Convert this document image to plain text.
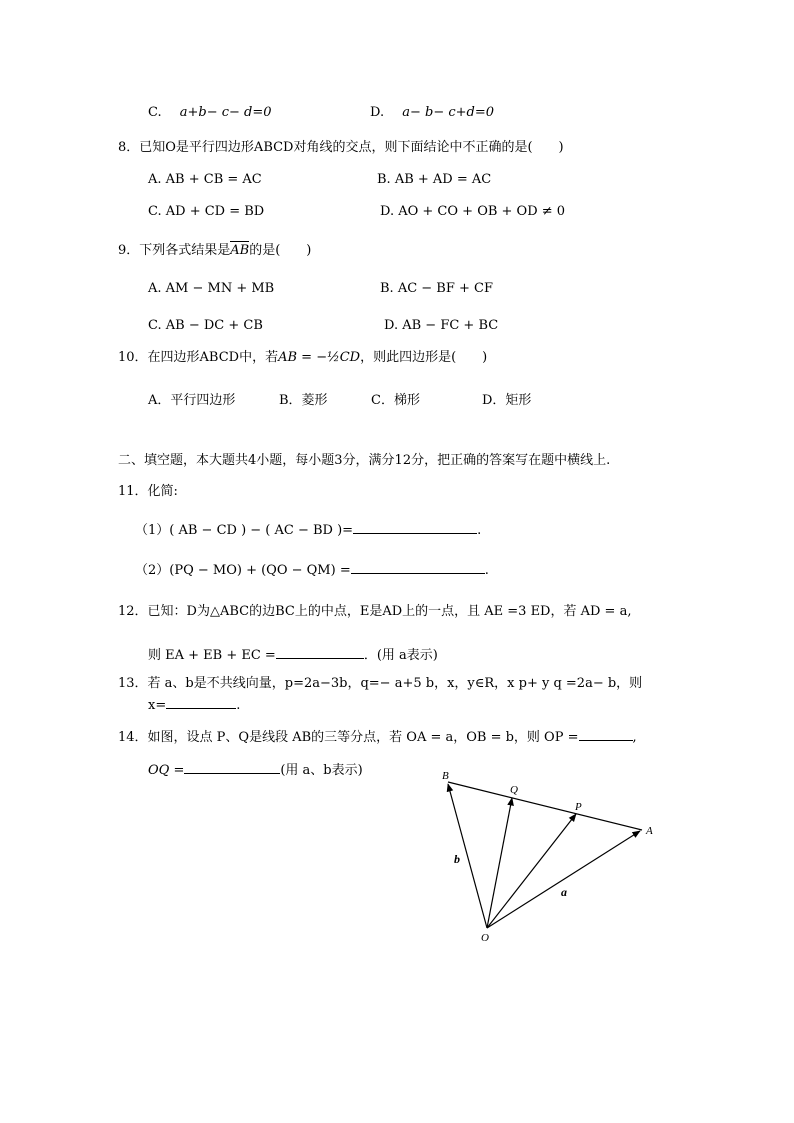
C. a+b− c− d=0	D. a− b− c+d=0
8．已知O是平行四边形ABCD对角线的交点，则下面结论中不正确的是(　　)
A. AB + CB = AC	B. AB + AD = AC
C. AD + CD = BD	D. AO + CO + OB + OD ≠ 0
9．下列各式结果是AB的是(　　)
A. AM − MN + MB	B. AC − BF + CF
C. AB − DC + CB	D. AB − FC + BC
10．在四边形ABCD中，若AB = −½CD，则此四边形是(　　)
A．平行四边形	B．菱形	C．梯形	D．矩形
二、填空题，本大题共4小题，每小题3分，满分12分，把正确的答案写在题中横线上.
11．化简:
（1）( AB − CD ) − ( AC − BD )=	.
（2）(PQ − MO) + (QO − QM) =	.
12．已知：D为△ABC的边BC上的中点，E是AD上的一点，且 AE =3 ED，若 AD = a,
则 EA + EB + EC =	．(用 a表示)
13．若 a、b是不共线向量，p=2a−3b，q=− a+5 b，x，y∈R，x p+ y q =2a− b，则
x=	.
14．如图，设点 P、Q是线段 AB的三等分点，若 OA = a，OB = b，则 OP =	,
OQ =	(用 a、b表示)	B
Q
P
A
O
b
a
